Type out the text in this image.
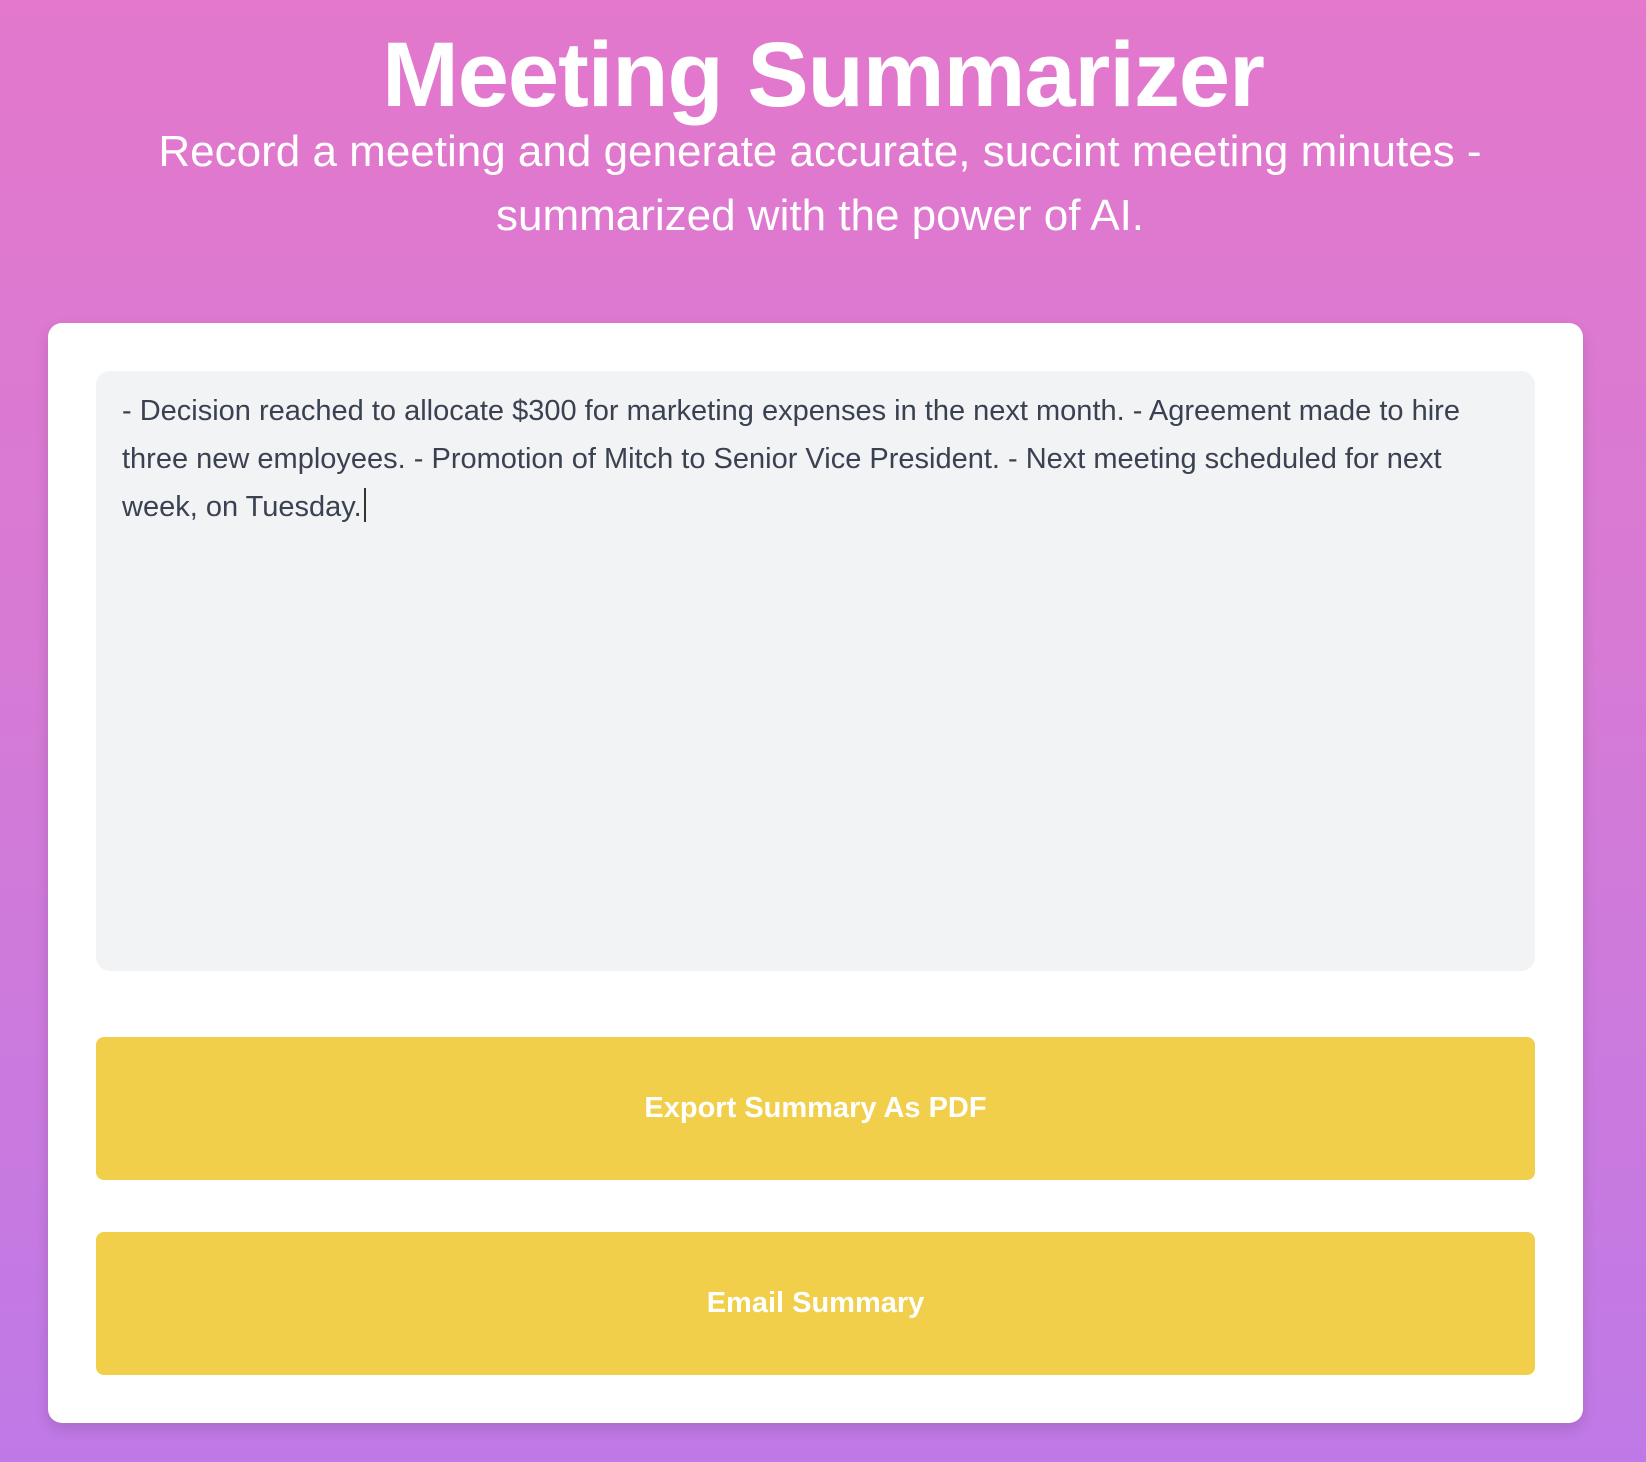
Meeting Summarizer

Record a meeting and generate accurate, succint meeting minutes - summarized with the power of AI.

- Decision reached to allocate $300 for marketing expenses in the next month. - Agreement made to hire three new employees. - Promotion of Mitch to Senior Vice President. - Next meeting scheduled for next week, on Tuesday.
Export Summary As PDF
Email Summary
